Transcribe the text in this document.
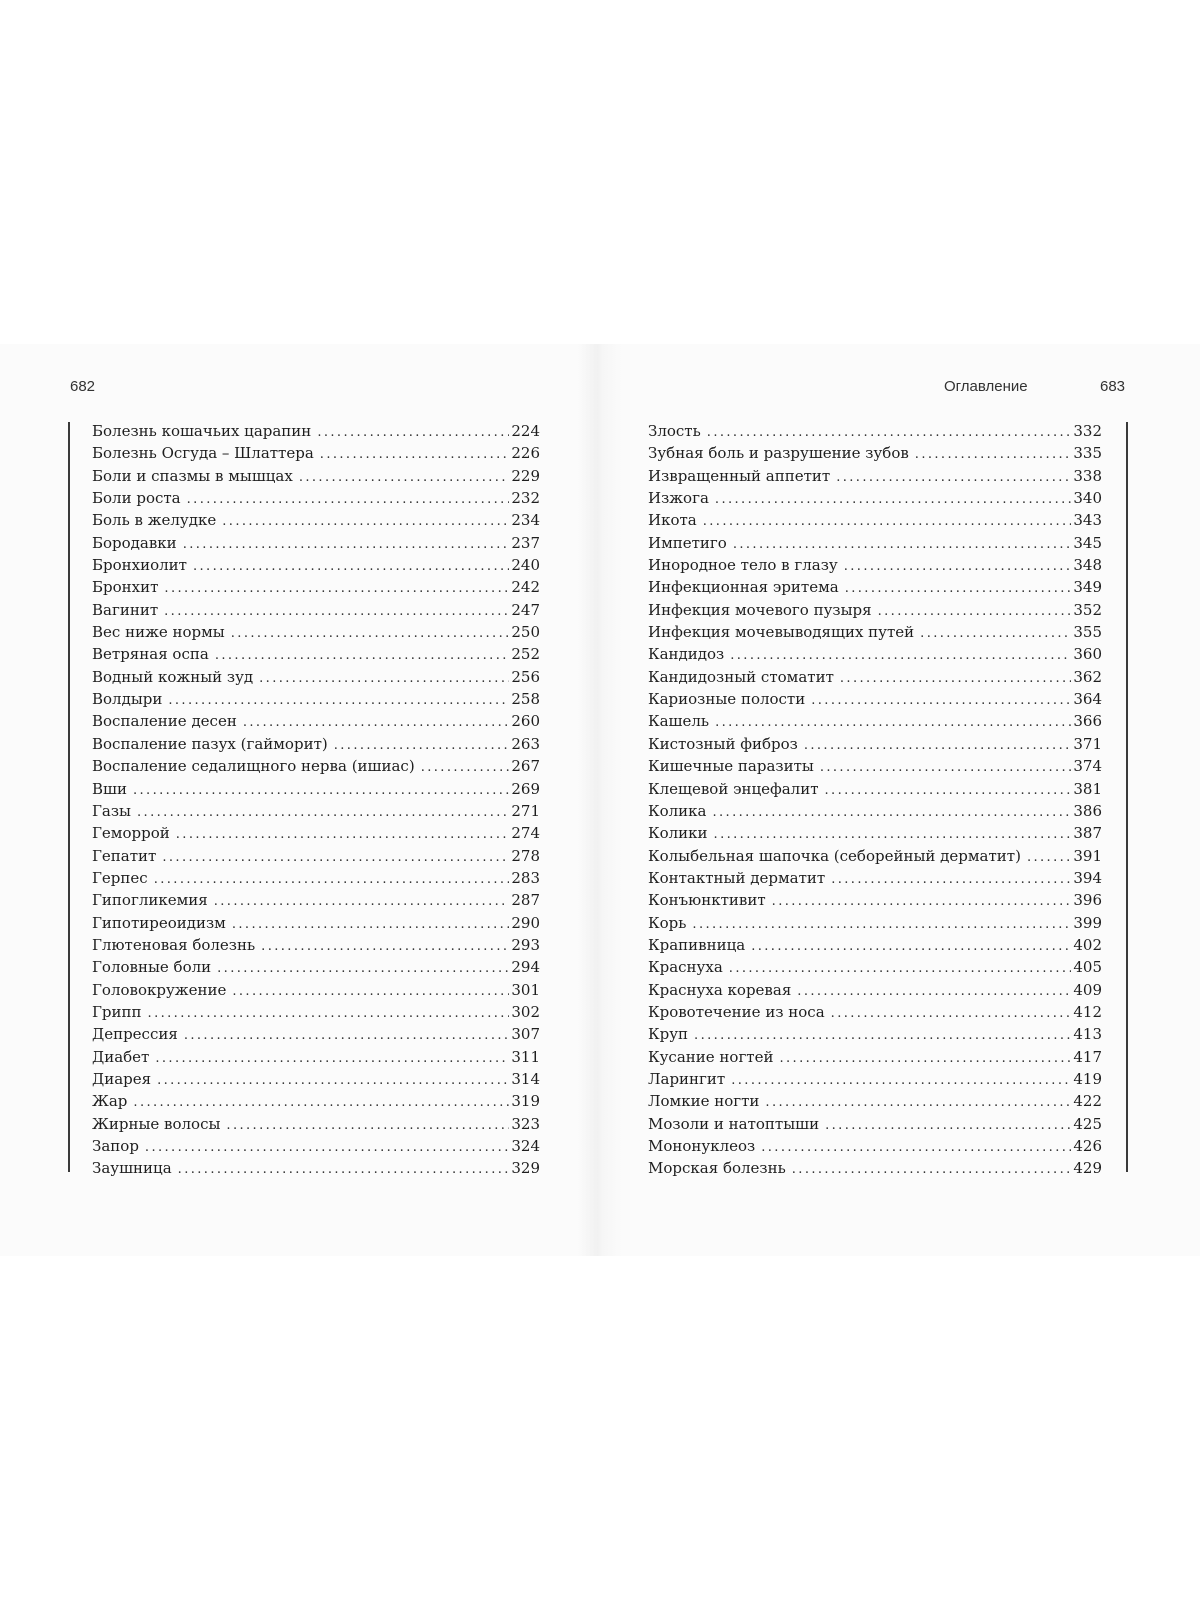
682
Болезнь кошачьих царапин .....	224
Болезнь Осгуда – Шлаттера .....	226
Боли и спазмы в мышцах .....	229
Боли роста .....	232
Боль в желудке .....	234
Бородавки .....	237
Бронхиолит .....	240
Бронхит .....	242
Вагинит .....	247
Вес ниже нормы .....	250
Ветряная оспа .....	252
Водный кожный зуд .....	256
Волдыри .....	258
Воспаление десен .....	260
Воспаление пазух (гайморит) .....	263
Воспаление седалищного нерва (ишиас) .....	267
Вши .....	269
Газы .....	271
Геморрой .....	274
Гепатит .....	278
Герпес .....	283
Гипогликемия .....	287
Гипотиреоидизм .....	290
Глютеновая болезнь .....	293
Головные боли .....	294
Головокружение .....	301
Грипп .....	302
Депрессия .....	307
Диабет .....	311
Диарея .....	314
Жар .....	319
Жирные волосы .....	323
Запор .....	324
Заушница .....	329
Оглавление	683
Злость .....	332
Зубная боль и разрушение зубов .....	335
Извращенный аппетит .....	338
Изжога .....	340
Икота .....	343
Импетиго .....	345
Инородное тело в глазу .....	348
Инфекционная эритема .....	349
Инфекция мочевого пузыря .....	352
Инфекция мочевыводящих путей .....	355
Кандидоз .....	360
Кандидозный стоматит .....	362
Кариозные полости .....	364
Кашель .....	366
Кистозный фиброз .....	371
Кишечные паразиты .....	374
Клещевой энцефалит .....	381
Колика .....	386
Колики .....	387
Колыбельная шапочка (себорейный дерматит) .....	391
Контактный дерматит .....	394
Конъюнктивит .....	396
Корь .....	399
Крапивница .....	402
Краснуха .....	405
Краснуха коревая .....	409
Кровотечение из носа .....	412
Круп .....	413
Кусание ногтей .....	417
Ларингит .....	419
Ломкие ногти .....	422
Мозоли и натоптыши .....	425
Мононуклеоз .....	426
Морская болезнь .....	429
